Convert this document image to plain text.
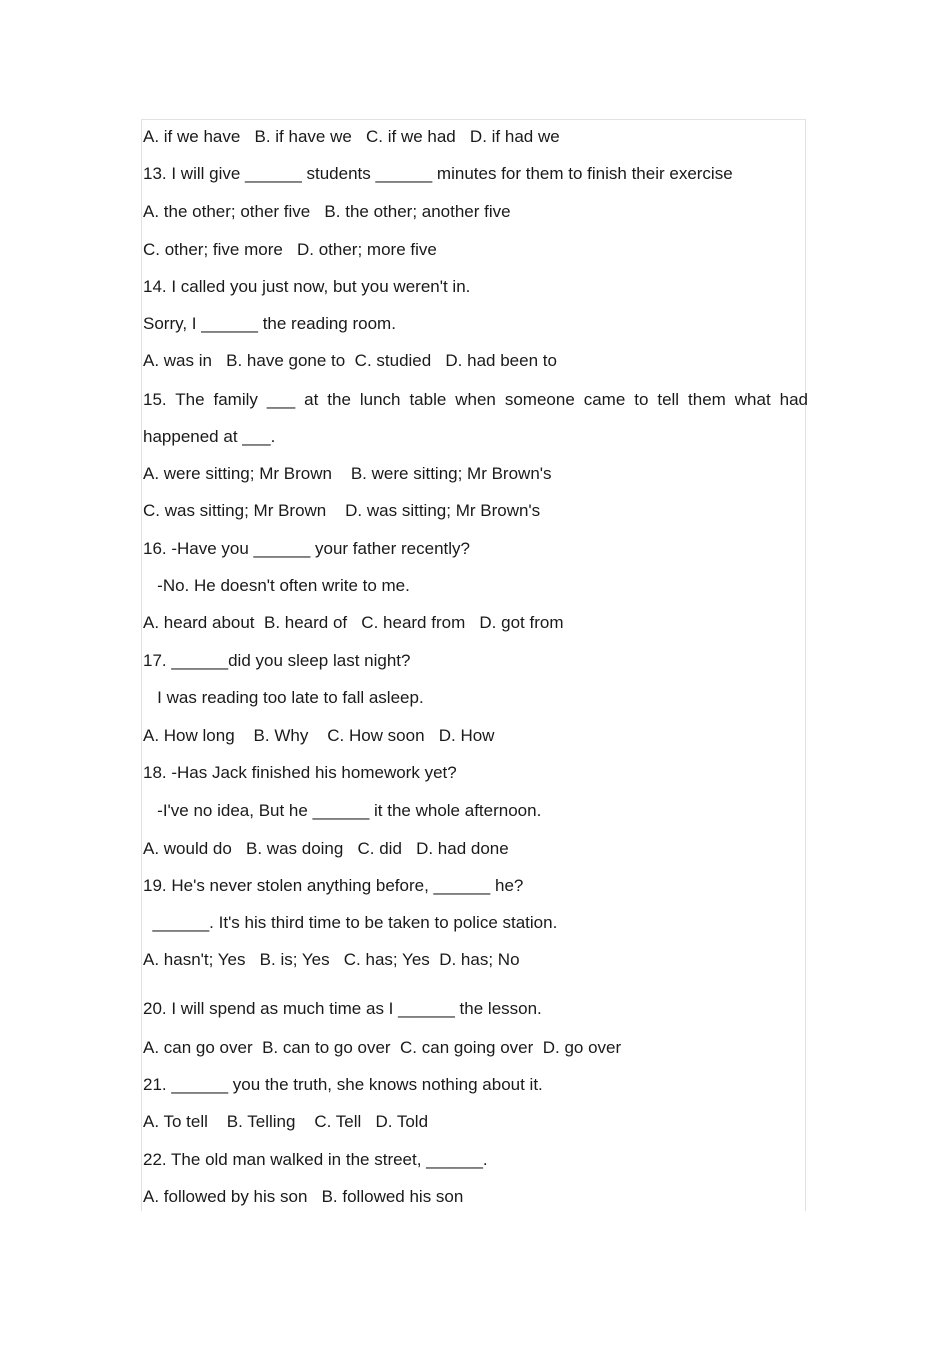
A. if we have   B. if have we   C. if we had   D. if had we
13. I will give ______ students ______ minutes for them to finish their exercise
A. the other; other five   B. the other; another five
C. other; five more   D. other; more five
14. I called you just now, but you weren't in.
Sorry, I ______ the reading room.
A. was in   B. have gone to  C. studied   D. had been to
15. The family ___ at the lunch table when someone came to tell them what had
happened at ___.
A. were sitting; Mr Brown    B. were sitting; Mr Brown's
C. was sitting; Mr Brown    D. was sitting; Mr Brown's
16. -Have you ______ your father recently?
-No. He doesn't often write to me.
A. heard about  B. heard of   C. heard from   D. got from
17. ______did you sleep last night?
I was reading too late to fall asleep.
A. How long    B. Why    C. How soon   D. How
18. -Has Jack finished his homework yet?
-I've no idea, But he ______ it the whole afternoon.
A. would do   B. was doing   C. did   D. had done
19. He's never stolen anything before, ______ he?
______. It's his third time to be taken to police station.
A. hasn't; Yes   B. is; Yes   C. has; Yes  D. has; No
20. I will spend as much time as I ______ the lesson.
A. can go over  B. can to go over  C. can going over  D. go over
21. ______ you the truth, she knows nothing about it.
A. To tell    B. Telling    C. Tell   D. Told
22. The old man walked in the street, ______.
A. followed by his son   B. followed his son
